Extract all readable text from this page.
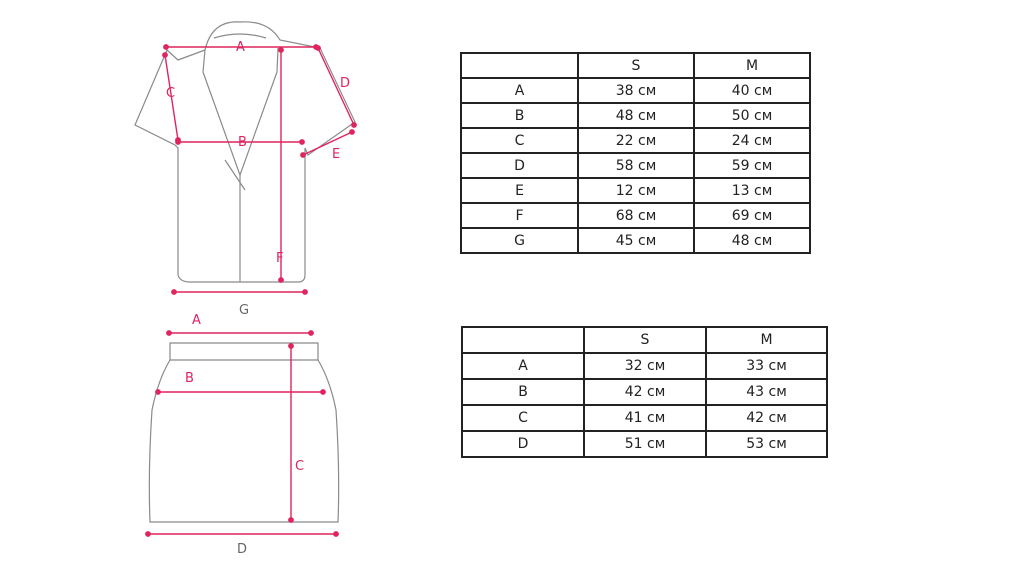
A
B
C
D
E
F
G
A
B
C
D
	S	M
A	38 см	40 см
B	48 см	50 см
C	22 см	24 см
D	58 см	59 см
E	12 см	13 см
F	68 см	69 см
G	45 см	48 см
	S	M
A	32 см	33 см
B	42 см	43 см
C	41 см	42 см
D	51 см	53 см
